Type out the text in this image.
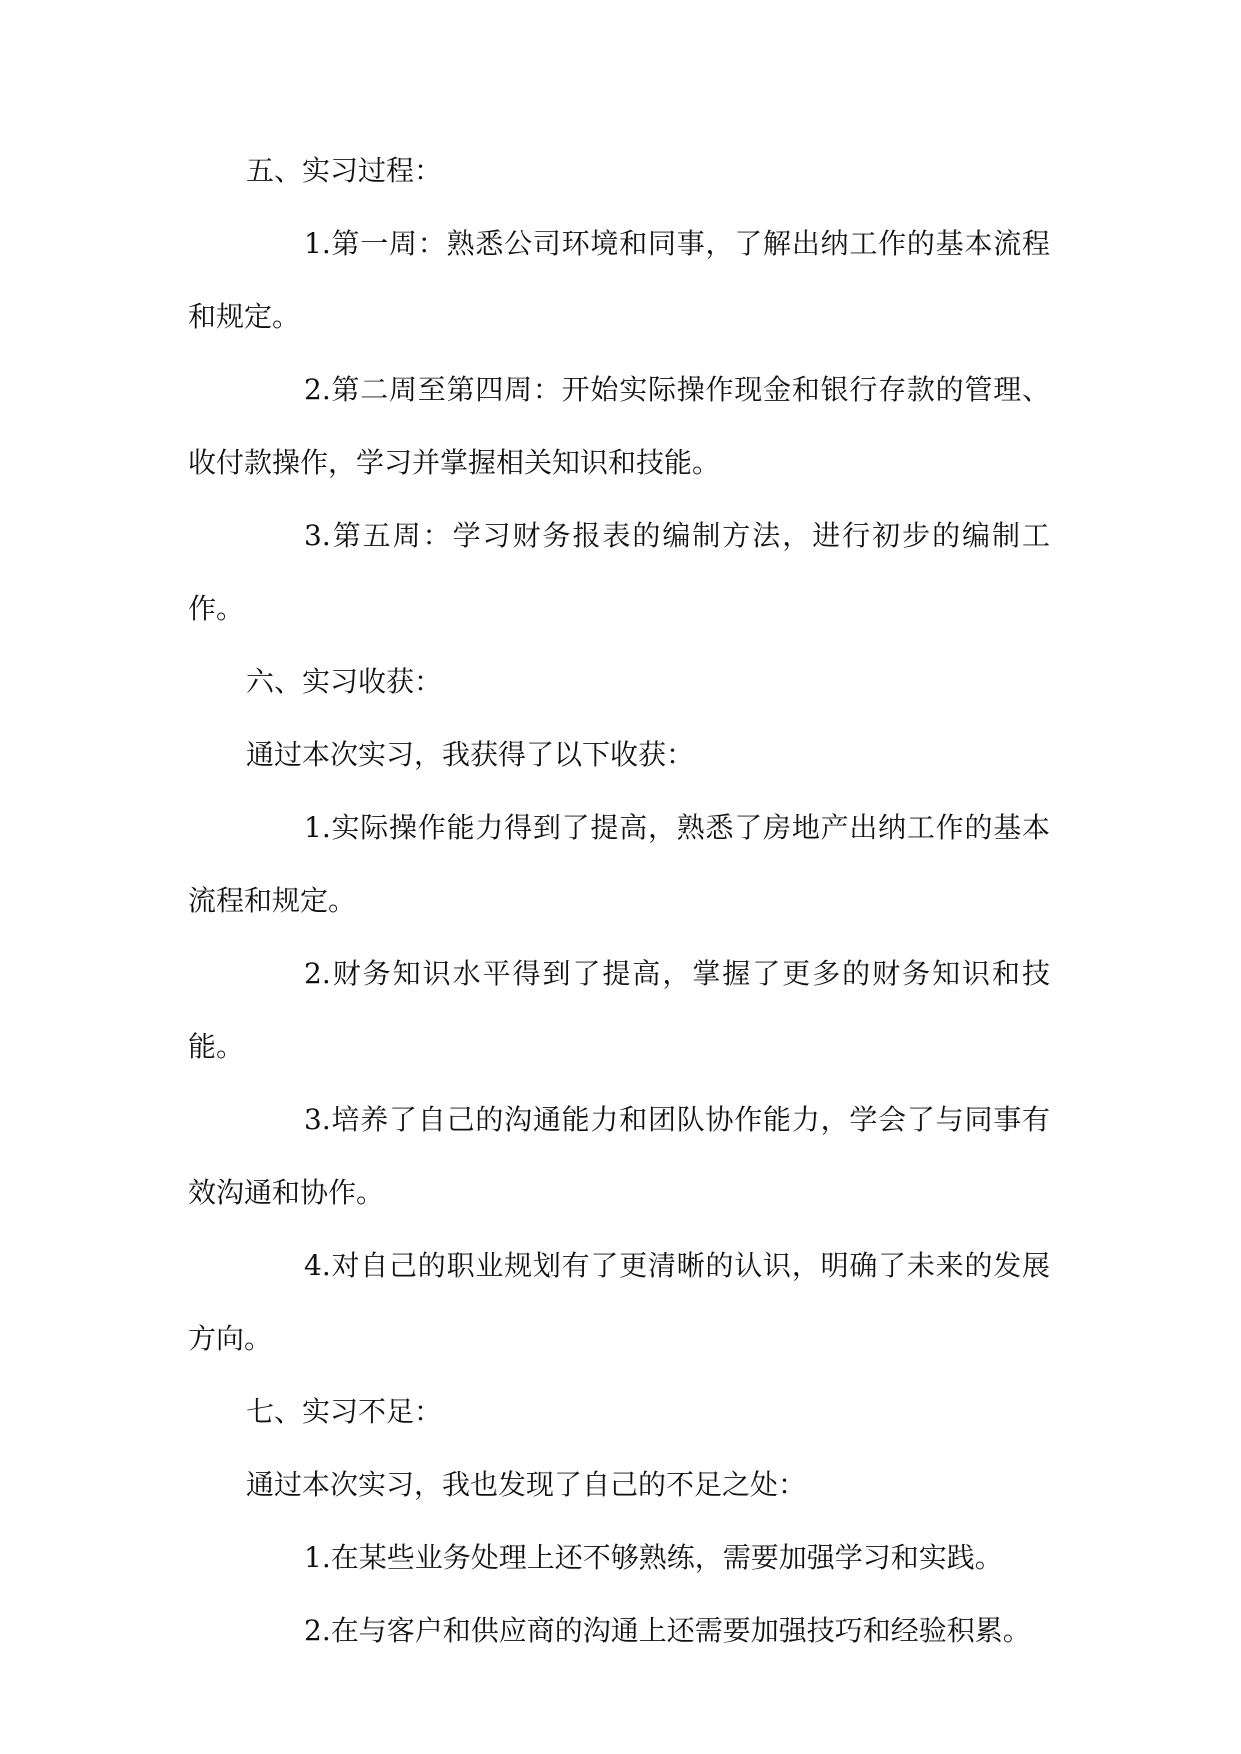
五、实习过程：

1.第一周：熟悉公司环境和同事，了解出纳工作的基本流程和规定。

2.第二周至第四周：开始实际操作现金和银行存款的管理、收付款操作，学习并掌握相关知识和技能。

3.第五周：学习财务报表的编制方法，进行初步的编制工作。

六、实习收获：

通过本次实习，我获得了以下收获：

1.实际操作能力得到了提高，熟悉了房地产出纳工作的基本流程和规定。

2.财务知识水平得到了提高，掌握了更多的财务知识和技能。

3.培养了自己的沟通能力和团队协作能力，学会了与同事有效沟通和协作。

4.对自己的职业规划有了更清晰的认识，明确了未来的发展方向。

七、实习不足：

通过本次实习，我也发现了自己的不足之处：

1.在某些业务处理上还不够熟练，需要加强学习和实践。

2.在与客户和供应商的沟通上还需要加强技巧和经验积累。
